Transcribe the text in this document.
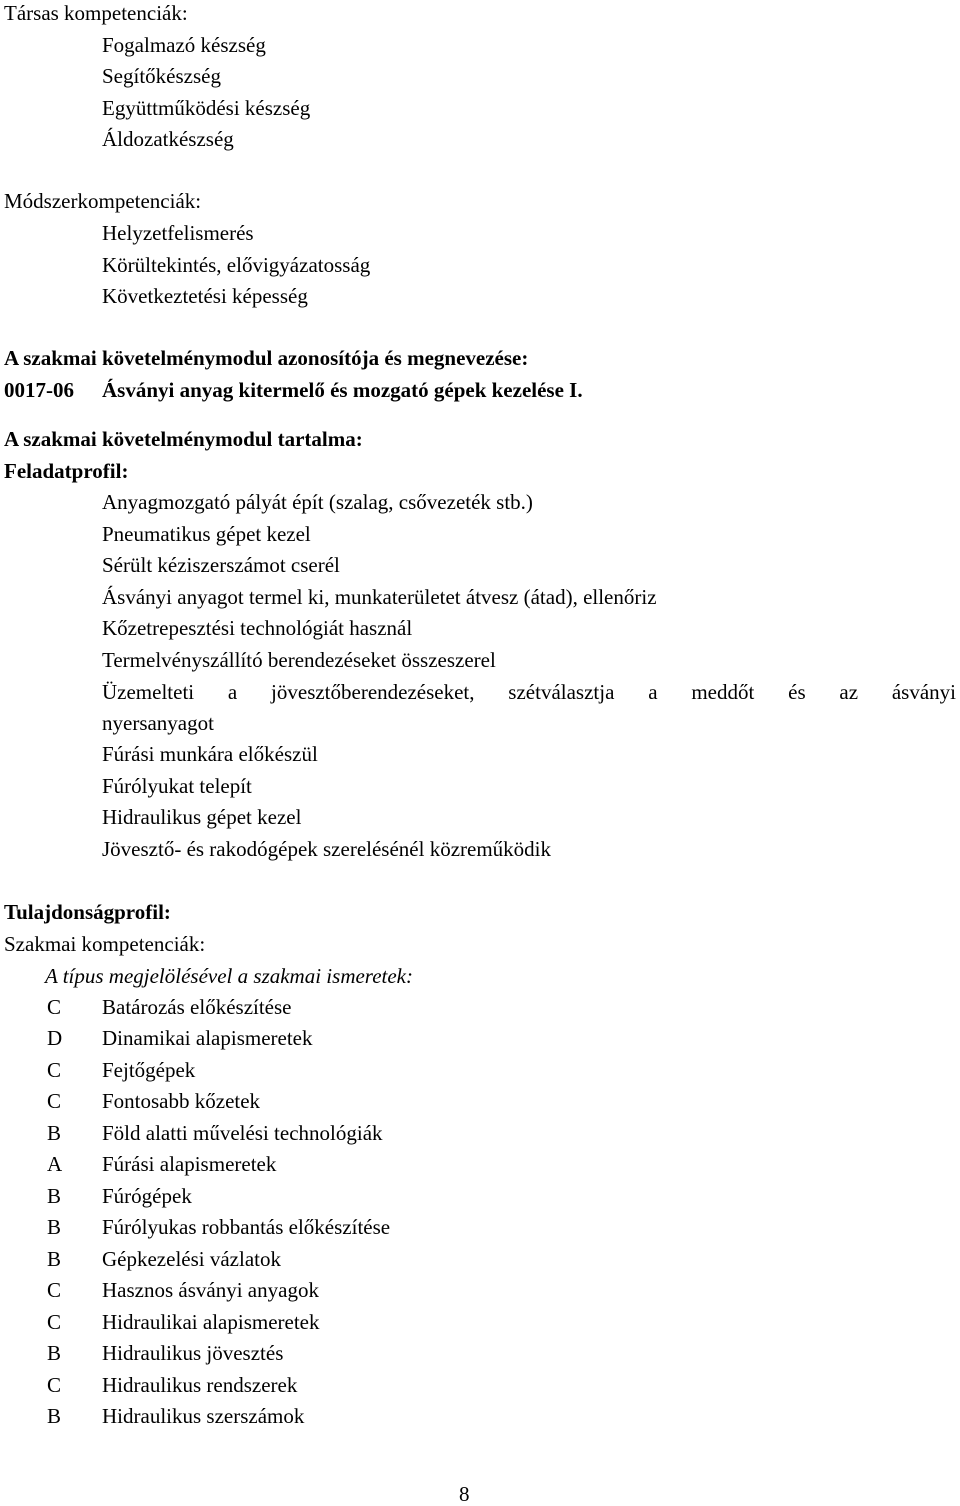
Társas kompetenciák:
Fogalmazó készség
Segítőkészség
Együttműködési készség
Áldozatkészség
Módszerkompetenciák:
Helyzetfelismerés
Körültekintés, elővigyázatosság
Következtetési képesség
A szakmai követelménymodul azonosítója és megnevezése:
0017-06 Ásványi anyag kitermelő és mozgató gépek kezelése I.
A szakmai követelménymodul tartalma:
Feladatprofil:
Anyagmozgató pályát épít (szalag, csővezeték stb.)
Pneumatikus gépet kezel
Sérült kéziszerszámot cserél
Ásványi anyagot termel ki, munkaterületet átvesz (átad), ellenőriz
Kőzetrepesztési technológiát használ
Termelvényszállító berendezéseket összeszerel
Üzemelteti a jövesztőberendezéseket, szétválasztja a meddőt és az ásványi
nyersanyagot
Fúrási munkára előkészül
Fúrólyukat telepít
Hidraulikus gépet kezel
Jövesztő- és rakodógépek szerelésénél közreműködik
Tulajdonságprofil:
Szakmai kompetenciák:
A típus megjelölésével a szakmai ismeretek:
C	Batározás előkészítése
D	Dinamikai alapismeretek
C	Fejtőgépek
C	Fontosabb kőzetek
B	Föld alatti művelési technológiák
A	Fúrási alapismeretek
B	Fúrógépek
B	Fúrólyukas robbantás előkészítése
B	Gépkezelési vázlatok
C	Hasznos ásványi anyagok
C	Hidraulikai alapismeretek
B	Hidraulikus jövesztés
C	Hidraulikus rendszerek
B	Hidraulikus szerszámok
8
